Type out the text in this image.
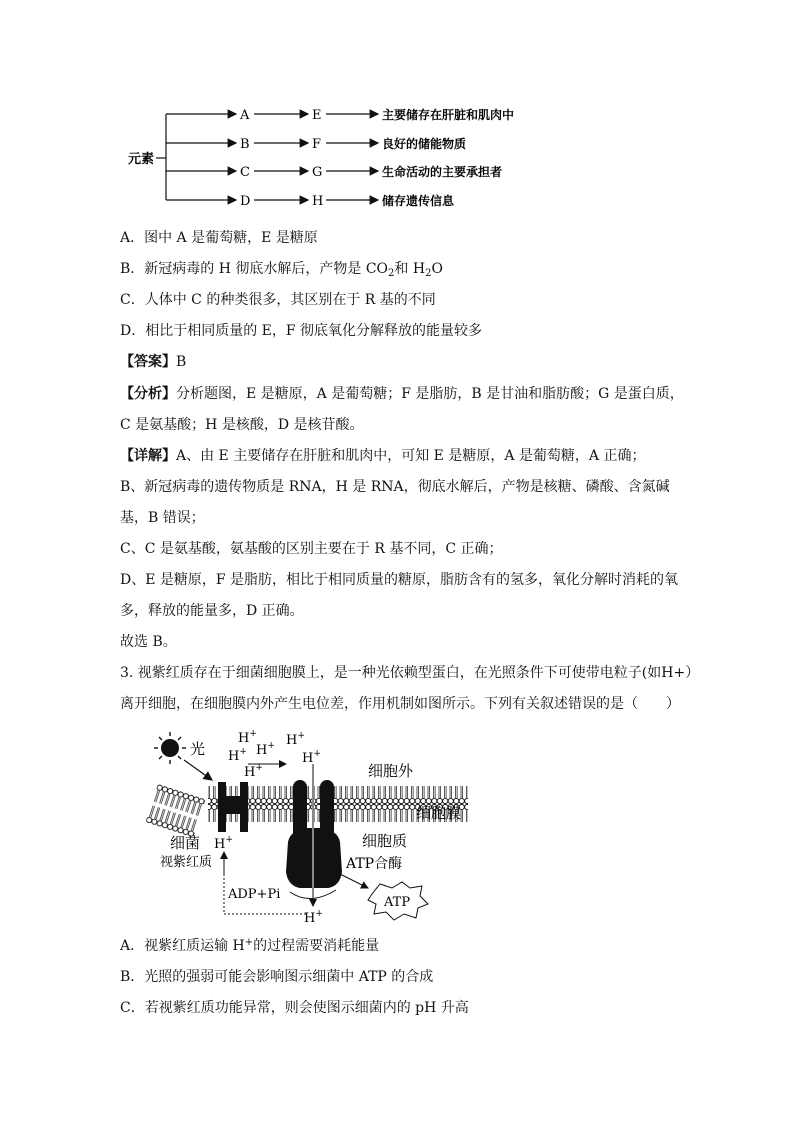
元素
A	E	主要储存在肝脏和肌肉中
B	F	良好的储能物质
C	G	生命活动的主要承担者
D	H	储存遗传信息
A．图中 A 是葡萄糖，E 是糖原
B．新冠病毒的 H 彻底水解后，产物是 $CO_2$和 $H_2O$
C．人体中 C 的种类很多，其区别在于 R 基的不同
D．相比于相同质量的 E，F 彻底氧化分解释放的能量较多
【答案】B
【分析】分析题图，E 是糖原，A 是葡萄糖；F 是脂肪，B 是甘油和脂肪酸；G 是蛋白质，
C 是氨基酸；H 是核酸，D 是核苷酸。
【详解】A、由 E 主要储存在肝脏和肌肉中，可知 E 是糖原，A 是葡萄糖，A 正确；
B、新冠病毒的遗传物质是 RNA，H 是 RNA，彻底水解后，产物是核糖、磷酸、含氮碱
基，B 错误；
C、C 是氨基酸，氨基酸的区别主要在于 R 基不同，C 正确；
D、E 是糖原，F 是脂肪，相比于相同质量的糖原，脂肪含有的氢多，氧化分解时消耗的氧
多，释放的能量多，D 正确。
故选 B。
3. 视紫红质存在于细菌细胞膜上，是一种光依赖型蛋白，在光照条件下可使带电粒子(如H+）
离开细胞，在细胞膜内外产生电位差，作用机制如图所示。下列有关叙述错误的是（　　）
光
H+
H+ H+ H+
H+
H+
细胞外
细胞膜
细胞质
ATP合酶
细菌
视紫红质
H+
ADP+Pi
ATP
H+
A．视紫红质运输 H+的过程需要消耗能量
B．光照的强弱可能会影响图示细菌中 ATP 的合成
C．若视紫红质功能异常，则会使图示细菌内的 pH 升高
